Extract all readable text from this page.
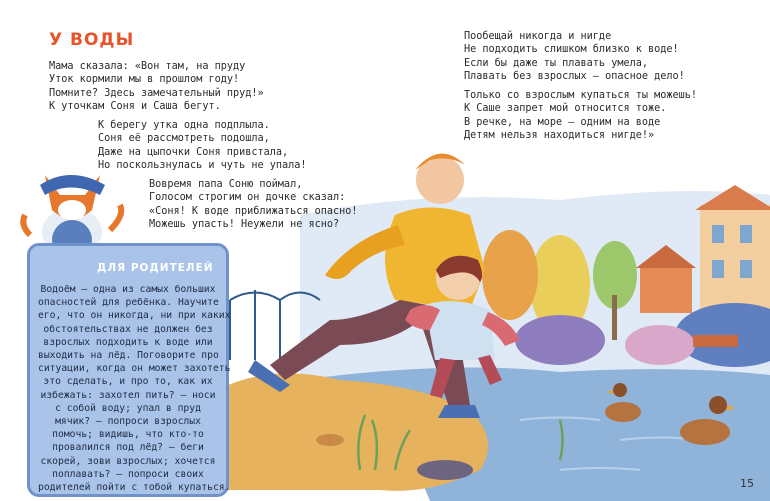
У ВОДЫ
Мама сказала: «Вон там, на пруду
Уток кормили мы в прошлом году!
Помните? Здесь замечательный пруд!»
К уточкам Соня и Саша бегут.
К берегу утка одна подплыла.
Соня её рассмотреть подошла,
Даже на цыпочки Соня привстала,
Но поскользнулась и чуть не упала!
Вовремя папа Соню поймал,
Голосом строгим он дочке сказал:
«Соня! К воде приближаться опасно!
Можешь упасть! Неужели не ясно?
Пообещай никогда и нигде
Не подходить слишком близко к воде!
Если бы даже ты плавать умела,
Плавать без взрослых – опасное дело!
Только со взрослым купаться ты можешь!
К Саше запрет мой относится тоже.
В речке, на море – одним на воде
Детям нельзя находиться нигде!»
ДЛЯ РОДИТЕЛЕЙ
Водоём – одна из самых больших
опасностей для ребёнка. Научите
его, что он никогда, ни при каких
обстоятельствах не должен без
взрослых подходить к воде или
выходить на лёд. Поговорите про
ситуации, когда он может захотеть
это сделать, и про то, как их
избежать: захотел пить? – носи
с собой воду; упал в пруд
мячик? – попроси взрослых
помочь; видишь, что кто-то
провалился под лёд? – беги
скорей, зови взрослых; хочется
поплавать? – попроси своих
родителей пойти с тобой купаться.	15
